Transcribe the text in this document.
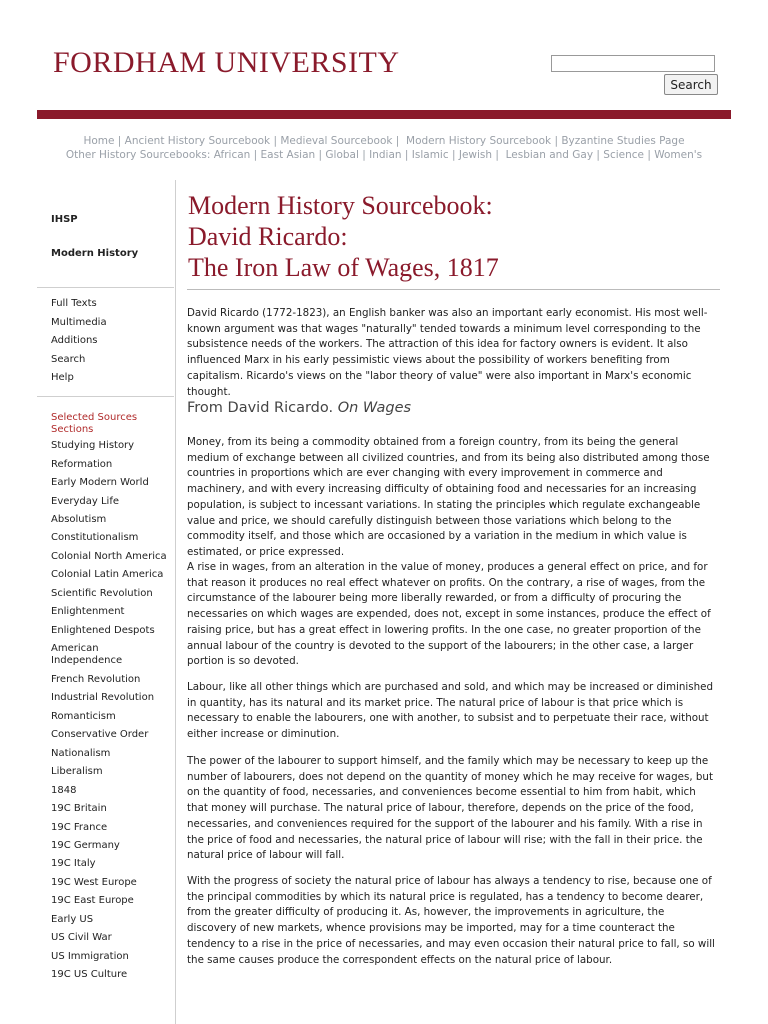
FORDHAM UNIVERSITY
Search
Home | Ancient History Sourcebook | Medieval Sourcebook |  Modern History Sourcebook | Byzantine Studies Page
Other History Sourcebooks: African | East Asian | Global | Indian | Islamic | Jewish |  Lesbian and Gay | Science | Women's
IHSP
Modern History
Full Texts
Multimedia
Additions
Search
Help
Selected Sources Sections
Studying History
Reformation
Early Modern World
Everyday Life
Absolutism
Constitutionalism
Colonial North America
Colonial Latin America
Scientific Revolution
Enlightenment
Enlightened Despots
American Independence
French Revolution
Industrial Revolution
Romanticism
Conservative Order
Nationalism
Liberalism
1848
19C Britain
19C France
19C Germany
19C Italy
19C West Europe
19C East Europe
Early US
US Civil War
US Immigration
19C US Culture
Modern History Sourcebook:
David Ricardo:
The Iron Law of Wages, 1817
David Ricardo (1772-1823), an English banker was also an important early economist. His most well-known argument was that wages "naturally" tended towards a minimum level corresponding to the subsistence needs of the workers. The attraction of this idea for factory owners is evident. It also influenced Marx in his early pessimistic views about the possibility of workers benefiting from capitalism. Ricardo's views on the "labor theory of value" were also important in Marx's economic thought.
From David Ricardo. On Wages
Money, from its being a commodity obtained from a foreign country, from its being the general medium of exchange between all civilized countries, and from its being also distributed among those countries in proportions which are ever changing with every improvement in commerce and machinery, and with every increasing difficulty of obtaining food and necessaries for an increasing population, is subject to incessant variations. In stating the principles which regulate exchangeable value and price, we should carefully distinguish between those variations which belong to the commodity itself, and those which are occasioned by a variation in the medium in which value is estimated, or price expressed.
A rise in wages, from an alteration in the value of money, produces a general effect on price, and for that reason it produces no real effect whatever on profits. On the contrary, a rise of wages, from the circumstance of the labourer being more liberally rewarded, or from a difficulty of procuring the necessaries on which wages are expended, does not, except in some instances, produce the effect of raising price, but has a great effect in lowering profits. In the one case, no greater proportion of the annual labour of the country is devoted to the support of the labourers; in the other case, a larger portion is so devoted.
Labour, like all other things which are purchased and sold, and which may be increased or diminished in quantity, has its natural and its market price. The natural price of labour is that price which is necessary to enable the labourers, one with another, to subsist and to perpetuate their race, without either increase or diminution.
The power of the labourer to support himself, and the family which may be necessary to keep up the number of labourers, does not depend on the quantity of money which he may receive for wages, but on the quantity of food, necessaries, and conveniences become essential to him from habit, which that money will purchase. The natural price of labour, therefore, depends on the price of the food, necessaries, and conveniences required for the support of the labourer and his family. With a rise in the price of food and necessaries, the natural price of labour will rise; with the fall in their price. the natural price of labour will fall.
With the progress of society the natural price of labour has always a tendency to rise, because one of the principal commodities by which its natural price is regulated, has a tendency to become dearer, from the greater difficulty of producing it. As, however, the improvements in agriculture, the discovery of new markets, whence provisions may be imported, may for a time counteract the tendency to a rise in the price of necessaries, and may even occasion their natural price to fall, so will the same causes produce the correspondent effects on the natural price of labour.
